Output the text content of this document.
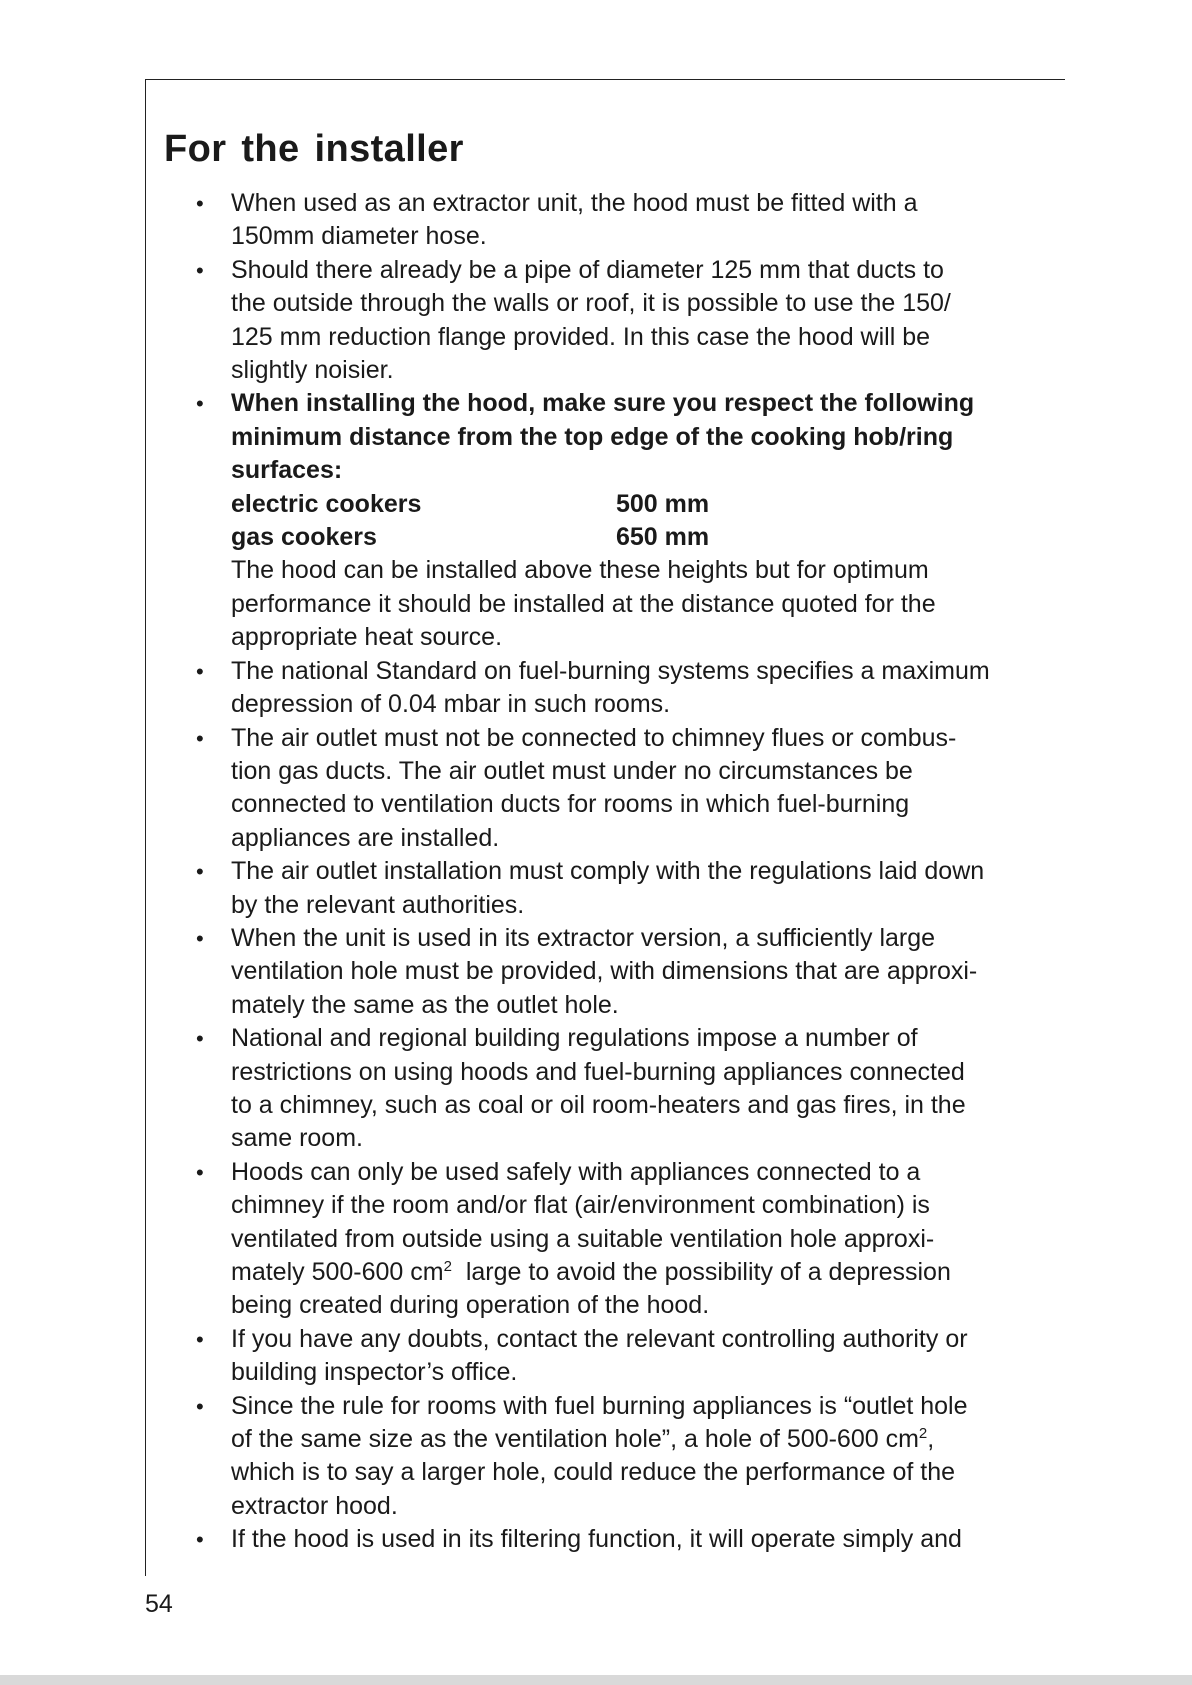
For the installer
• When used as an extractor unit, the hood must be fitted with a
150mm diameter hose.
• Should there already be a pipe of diameter 125 mm that ducts to
the outside through the walls or roof, it is possible to use the 150/
125 mm reduction flange provided. In this case the hood will be
slightly noisier.
• When installing the hood, make sure you respect the following
minimum distance from the top edge of the cooking hob/ring
surfaces:
electric cookers	500 mm
gas cookers	650 mm
The hood can be installed above these heights but for optimum
performance it should be installed at the distance quoted for the
appropriate heat source.
• The national Standard on fuel-burning systems specifies a maximum
depression of 0.04 mbar in such rooms.
• The air outlet must not be connected to chimney flues or combus-
tion gas ducts. The air outlet must under no circumstances be
connected to ventilation ducts for rooms in which fuel-burning
appliances are installed.
• The air outlet installation must comply with the regulations laid down
by the relevant authorities.
• When the unit is used in its extractor version, a sufficiently large
ventilation hole must be provided, with dimensions that are approxi-
mately the same as the outlet hole.
• National and regional building regulations impose a number of
restrictions on using hoods and fuel-burning appliances connected
to a chimney, such as coal or oil room-heaters and gas fires, in the
same room.
• Hoods can only be used safely with appliances connected to a
chimney if the room and/or flat (air/environment combination) is
ventilated from outside using a suitable ventilation hole approxi-
mately 500-600 $cm^2$  large to avoid the possibility of a depression
being created during operation of the hood.
• If you have any doubts, contact the relevant controlling authority or
building inspector’s office.
• Since the rule for rooms with fuel burning appliances is “outlet hole
of the same size as the ventilation hole”, a hole of 500-600 $cm^2$,
which is to say a larger hole, could reduce the performance of the
extractor hood.
• If the hood is used in its filtering function, it will operate simply and
54
